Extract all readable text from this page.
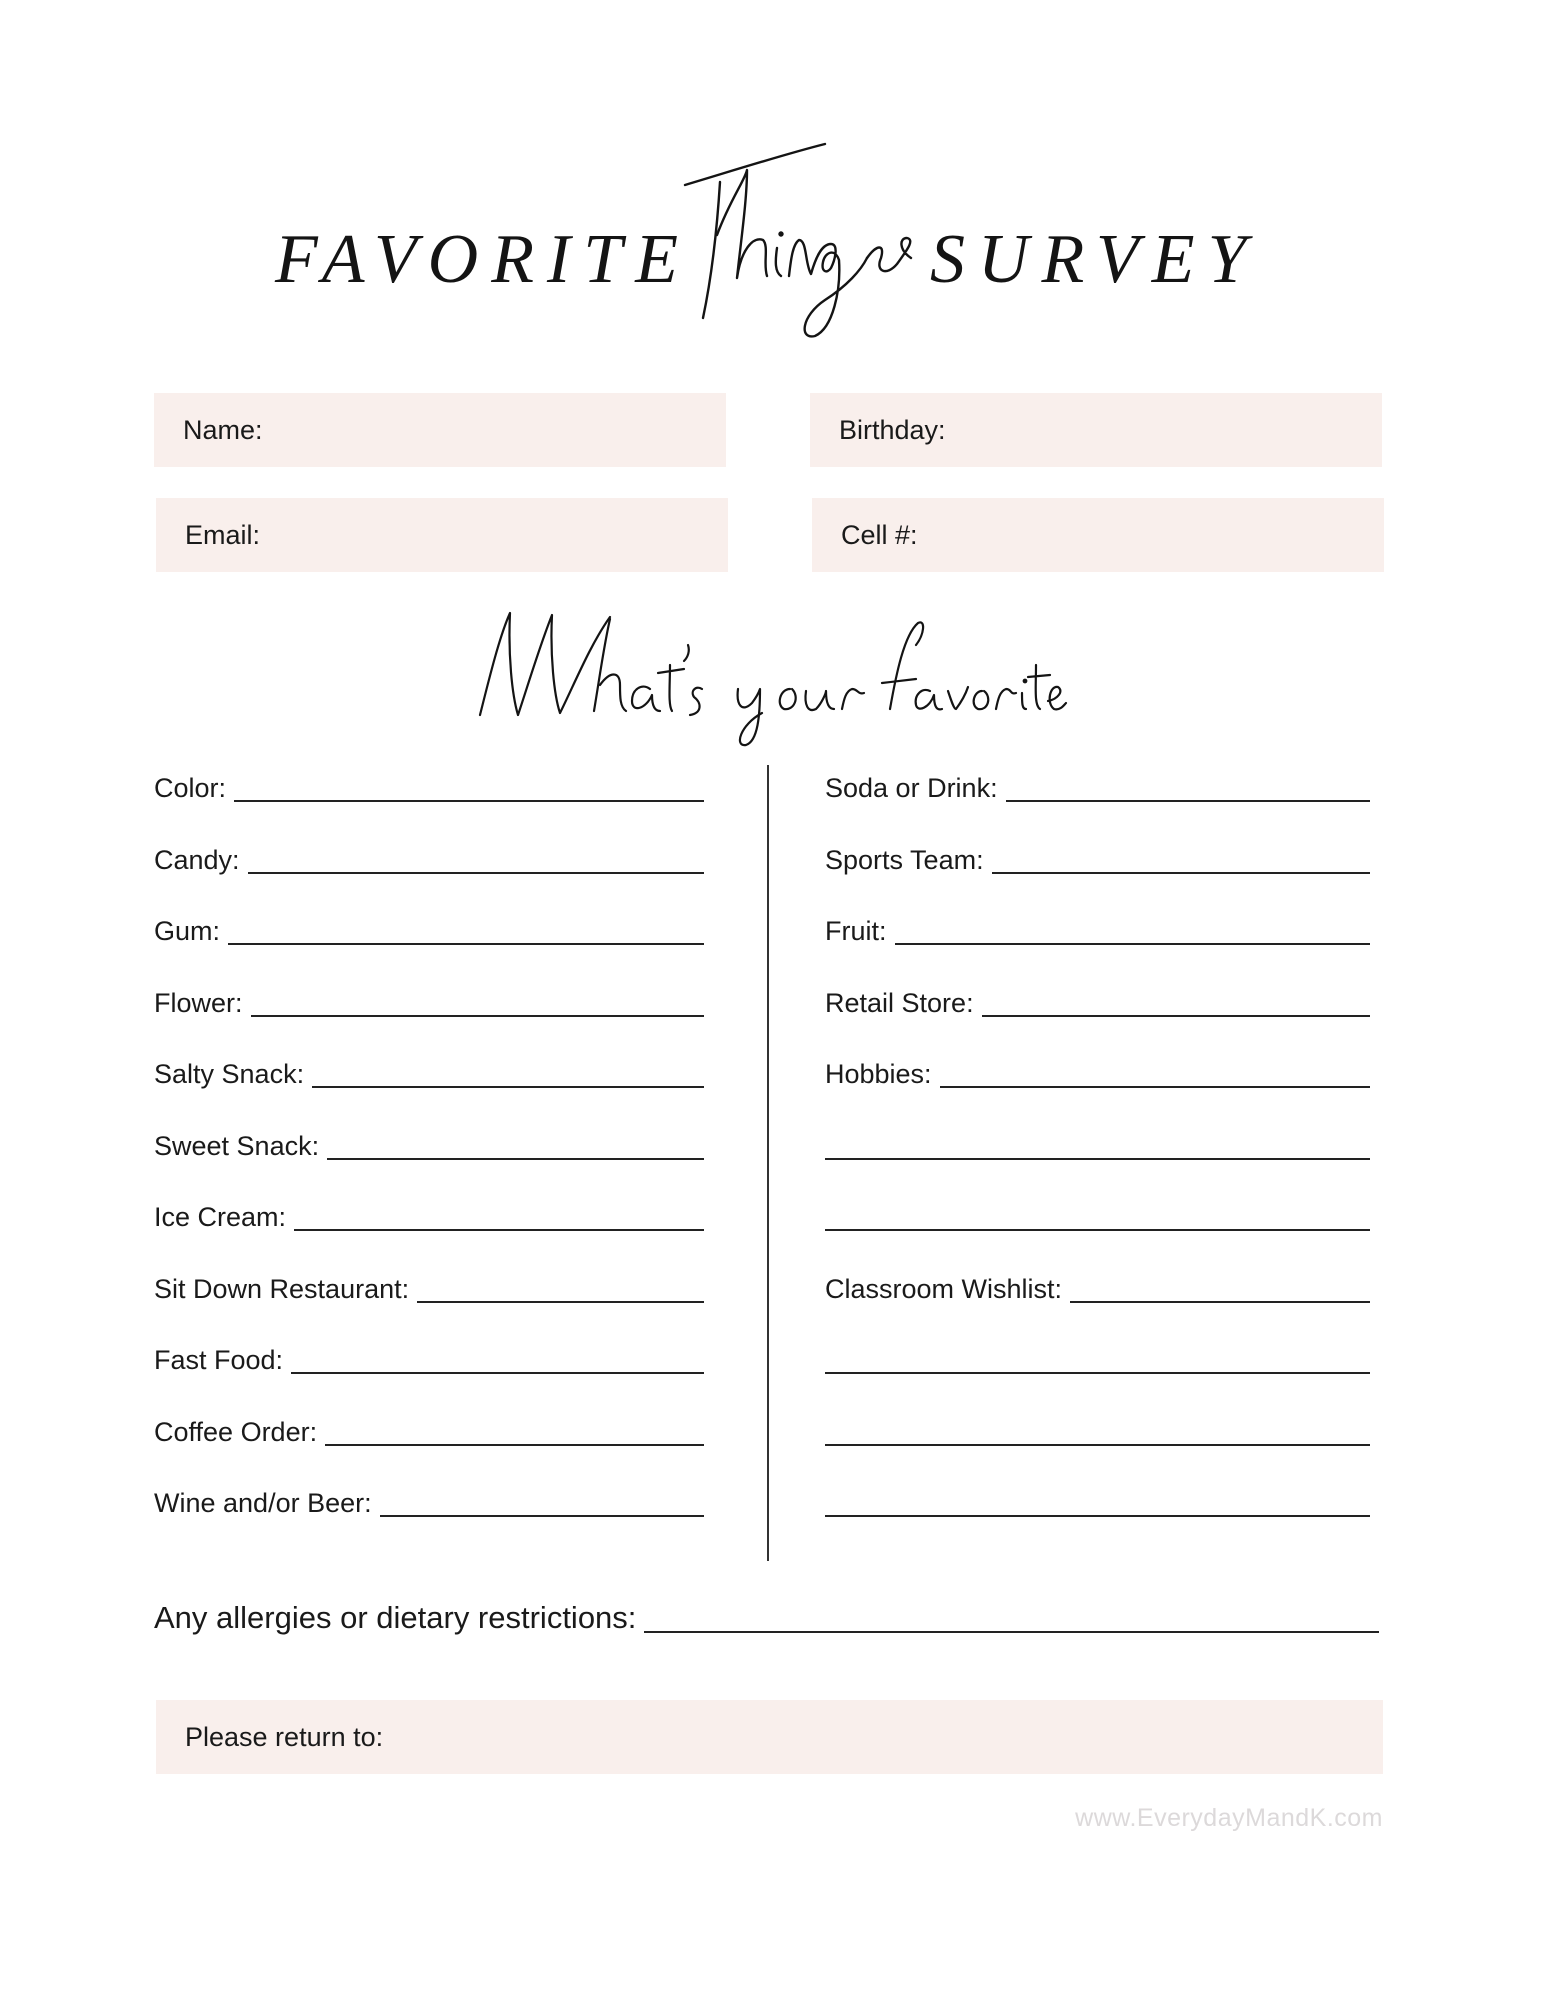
FAVORITE	SURVEY
Name:	Birthday:
Email:	Cell #:
Color:
Candy:
Gum:
Flower:
Salty Snack:
Sweet Snack:
Ice Cream:
Sit Down Restaurant:
Fast Food:
Coffee Order:
Wine and/or Beer:
Soda or Drink:
Sports Team:
Fruit:
Retail Store:
Hobbies:
Classroom Wishlist:
Any allergies or dietary restrictions:
Please return to:
www.EverydayMandK.com
